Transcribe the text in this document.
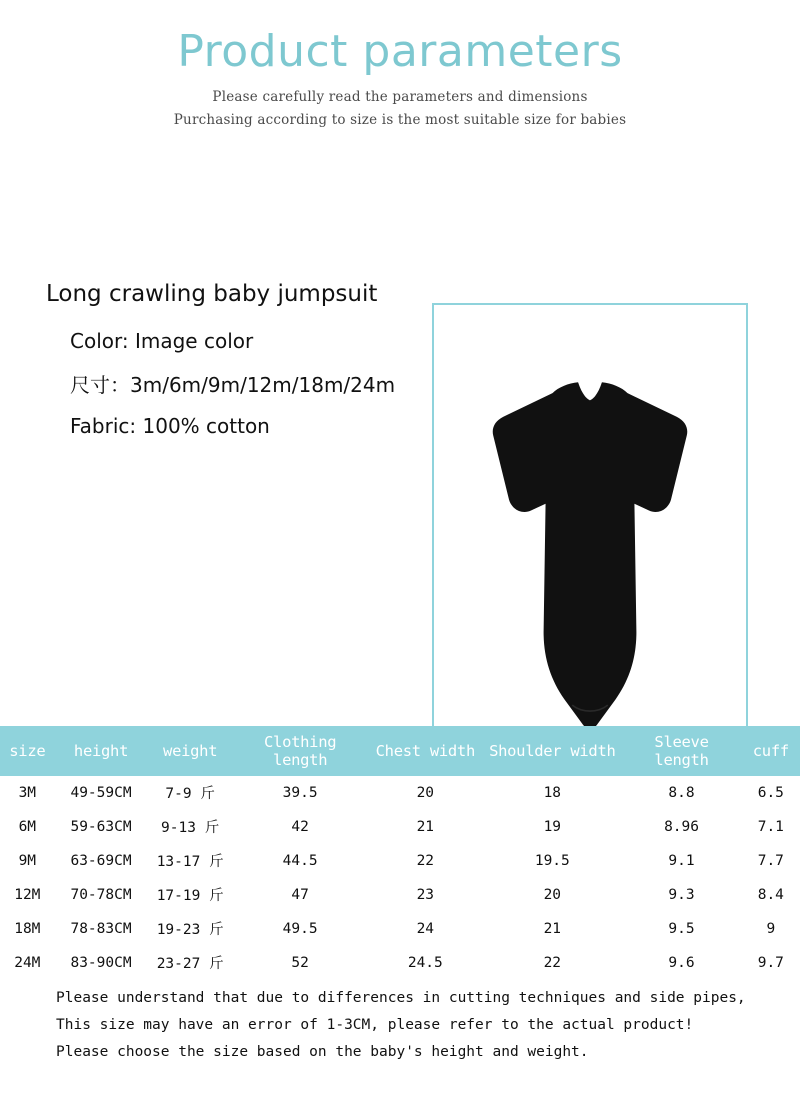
Product parameters
Please carefully read the parameters and dimensions
Purchasing according to size is the most suitable size for babies
Long crawling baby jumpsuit
Color: Image color
尺寸：3m/6m/9m/12m/18m/24m
Fabric: 100% cotton
size	height	weight	Clothing length	Chest width	Shoulder width	Sleeve length	cuff
3M	49-59CM	7-9 斤	39.5	20	18	8.8	6.5
6M	59-63CM	9-13 斤	42	21	19	8.96	7.1
9M	63-69CM	13-17 斤	44.5	22	19.5	9.1	7.7
12M	70-78CM	17-19 斤	47	23	20	9.3	8.4
18M	78-83CM	19-23 斤	49.5	24	21	9.5	9
24M	83-90CM	23-27 斤	52	24.5	22	9.6	9.7
Please understand that due to differences in cutting techniques and side pipes,
This size may have an error of 1-3CM, please refer to the actual product!
Please choose the size based on the baby's height and weight.
